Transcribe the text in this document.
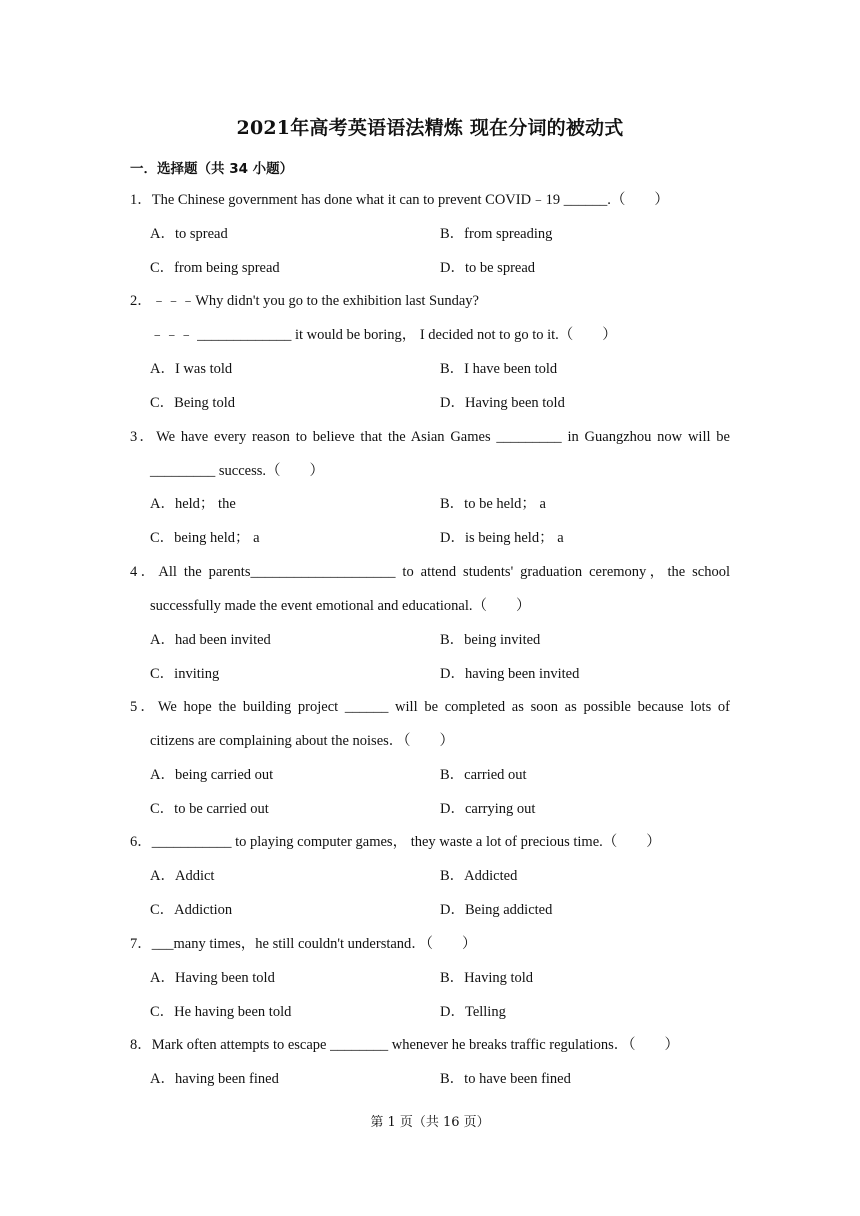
2021年高考英语语法精炼 现在分词的被动式
一．选择题（共 34 小题）
1．The Chinese government has done what it can to prevent COVID﹣19 ______.（　　）
A．to spread	B．from spreading
C．from being spread	D．to be spread
2．﹣﹣﹣Why didn't you go to the exhibition last Sunday?
﹣﹣﹣ _____________ it would be boring， I decided not to go to it.（　　）
A．I was told	B．I have been told
C．Being told	D．Having been told
3．We have every reason to believe that the Asian Games _________ in Guangzhou now will be
_________ success.（　　）
A．held； the	B．to be held； a
C．being held； a	D．is being held； a
4．All the parents____________________ to attend students' graduation ceremony，the school
successfully made the event emotional and educational.（　　）
A．had been invited	B．being invited
C．inviting	D．having been invited
5．We hope the building project ______ will be completed as soon as possible because lots of
citizens are complaining about the noises．（　　）
A．being carried out	B．carried out
C．to be carried out	D．carrying out
6．___________ to playing computer games， they waste a lot of precious time.（　　）
A．Addict	B．Addicted
C．Addiction	D．Being addicted
7．___many times，he still couldn't understand．（　　）
A．Having been told	B．Having told
C．He having been told	D．Telling
8．Mark often attempts to escape ________ whenever he breaks traffic regulations．（　　）
A．having been fined	B．to have been fined
第 1 页（共 16 页）
